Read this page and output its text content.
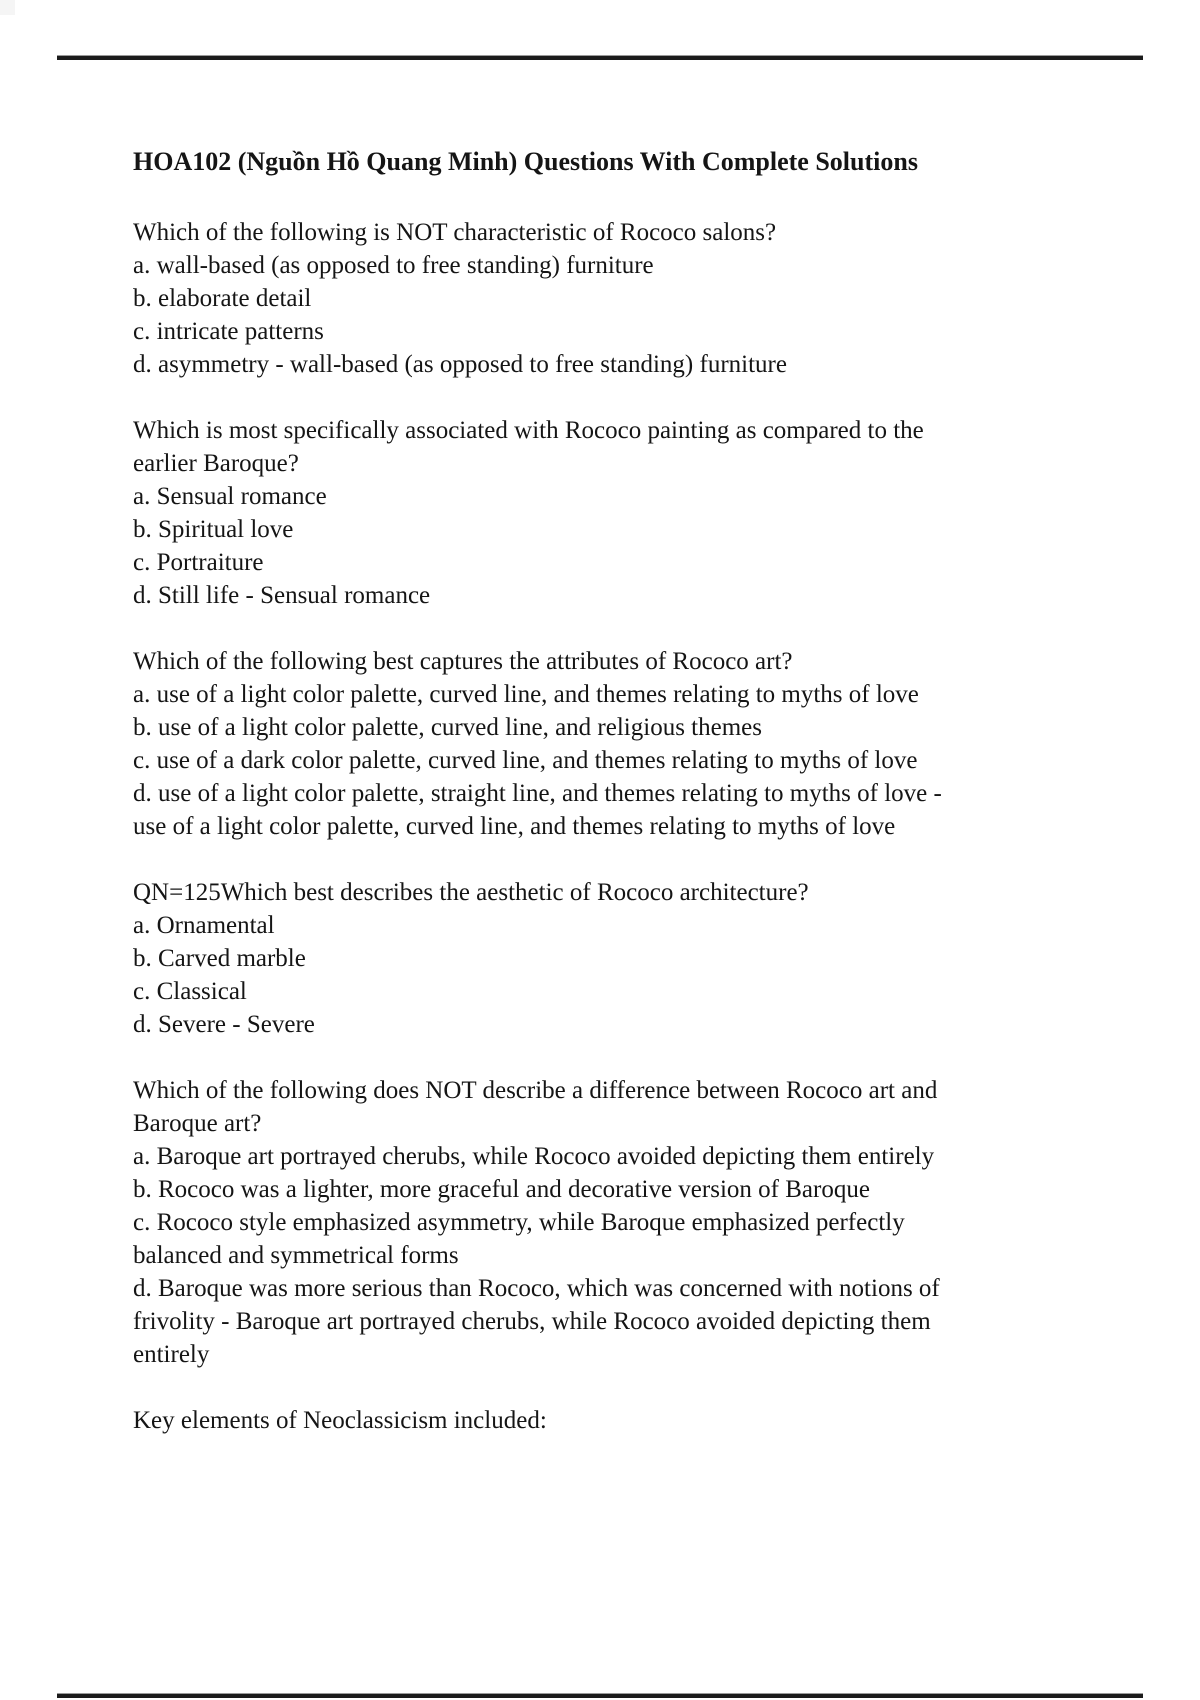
HOA102 (Nguồn Hồ Quang Minh) Questions With Complete Solutions
Which of the following is NOT characteristic of Rococo salons?
a. wall-based (as opposed to free standing) furniture
b. elaborate detail
c. intricate patterns
d. asymmetry - wall-based (as opposed to free standing) furniture
Which is most specifically associated with Rococo painting as compared to the
earlier Baroque?
a. Sensual romance
b. Spiritual love
c. Portraiture
d. Still life - Sensual romance
Which of the following best captures the attributes of Rococo art?
a. use of a light color palette, curved line, and themes relating to myths of love
b. use of a light color palette, curved line, and religious themes
c. use of a dark color palette, curved line, and themes relating to myths of love
d. use of a light color palette, straight line, and themes relating to myths of love -
use of a light color palette, curved line, and themes relating to myths of love
QN=125Which best describes the aesthetic of Rococo architecture?
a. Ornamental
b. Carved marble
c. Classical
d. Severe - Severe
Which of the following does NOT describe a difference between Rococo art and
Baroque art?
a. Baroque art portrayed cherubs, while Rococo avoided depicting them entirely
b. Rococo was a lighter, more graceful and decorative version of Baroque
c. Rococo style emphasized asymmetry, while Baroque emphasized perfectly
balanced and symmetrical forms
d. Baroque was more serious than Rococo, which was concerned with notions of
frivolity - Baroque art portrayed cherubs, while Rococo avoided depicting them
entirely
Key elements of Neoclassicism included:
